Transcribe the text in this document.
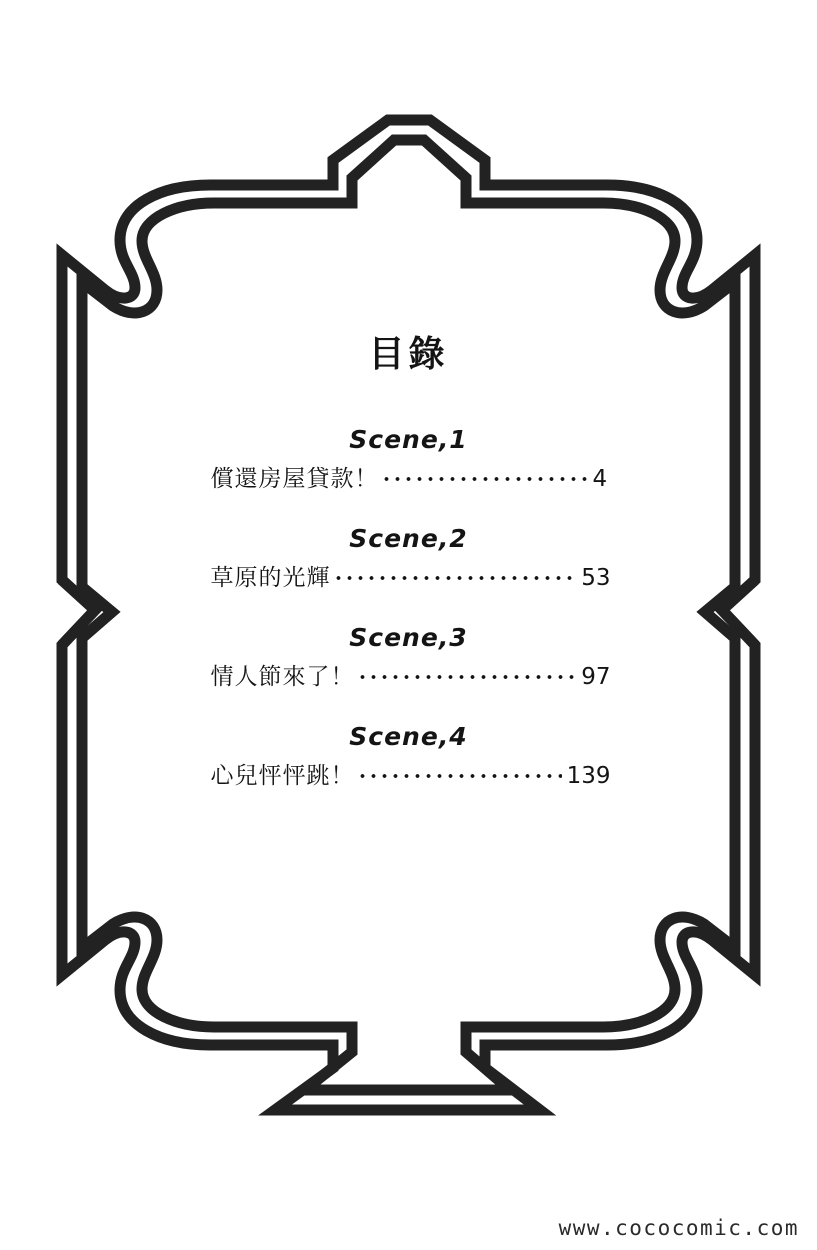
目錄
Scene,1
償還房屋貸款！	4
Scene,2
草原的光輝	53
Scene,3
情人節來了！	97
Scene,4
心兒怦怦跳！	139
www.cococomic.com
